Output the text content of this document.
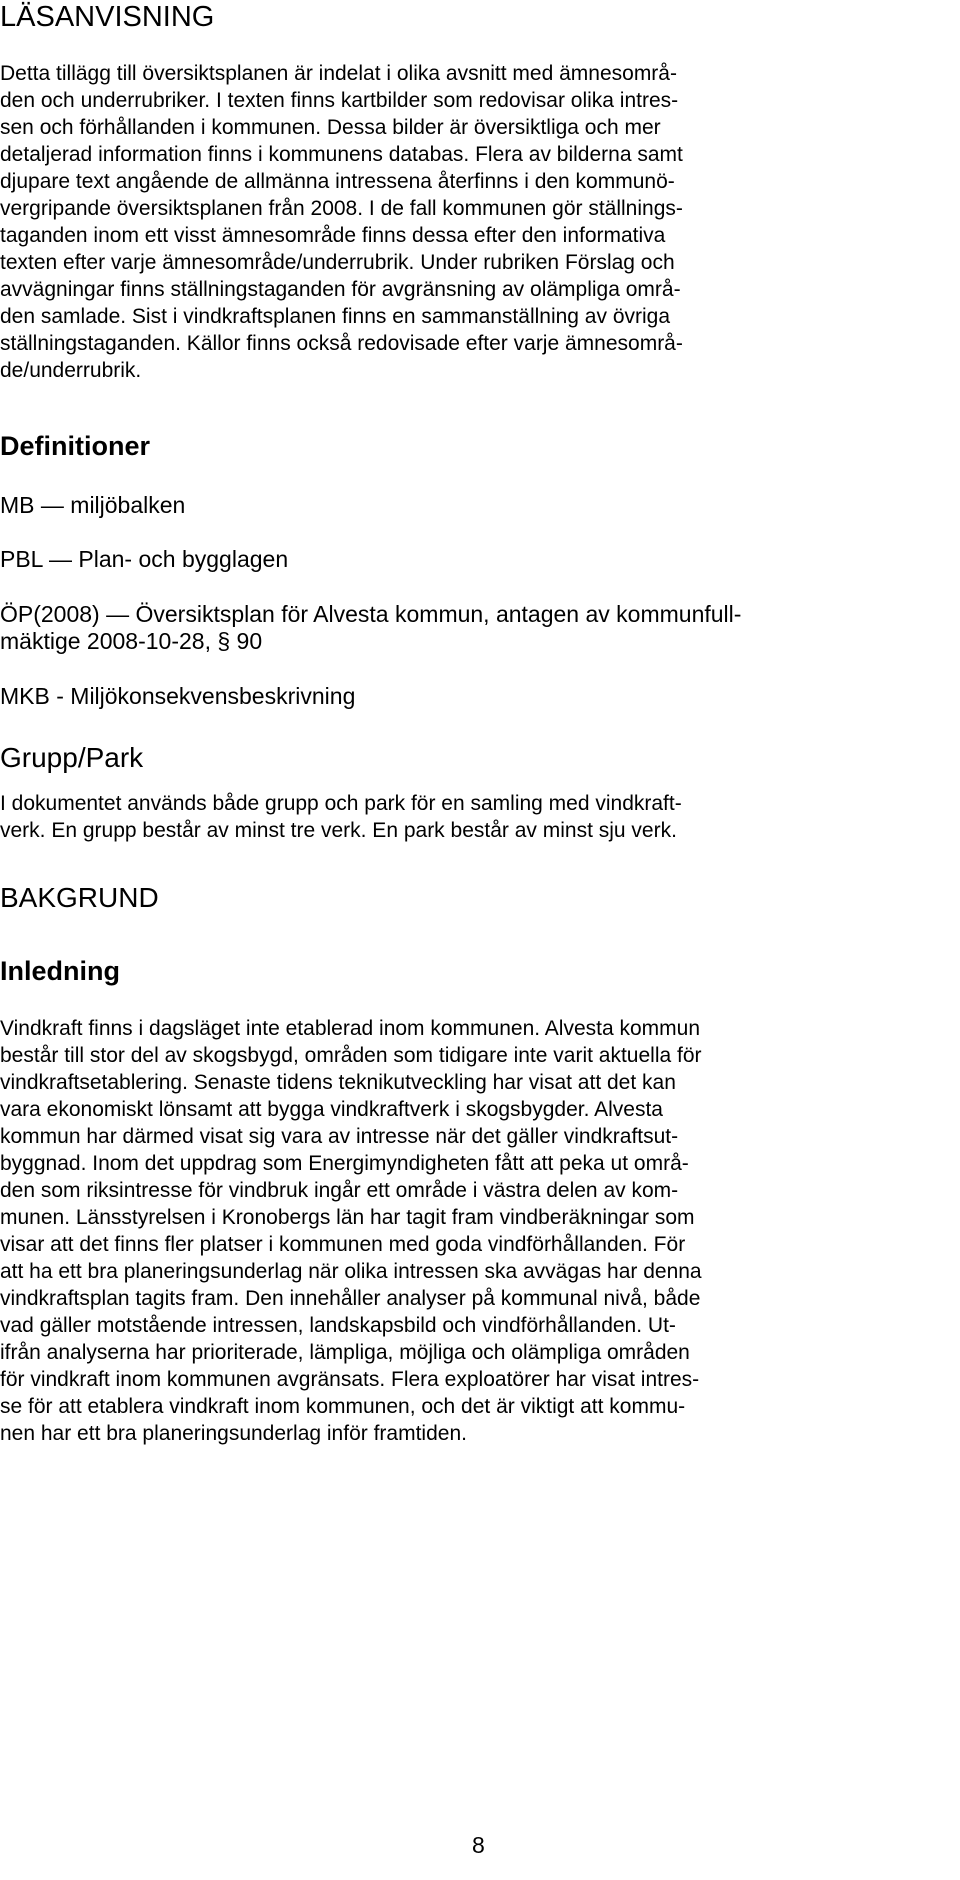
LÄSANVISNING
Detta tillägg till översiktsplanen är indelat i olika avsnitt med ämnesområ-
den och underrubriker. I texten finns kartbilder som redovisar olika intres-
sen och förhållanden i kommunen. Dessa bilder är översiktliga och mer
detaljerad information finns i kommunens databas. Flera av bilderna samt
djupare text angående de allmänna intressena återfinns i den kommunö-
vergripande översiktsplanen från 2008. I de fall kommunen gör ställnings-
taganden inom ett visst ämnesområde finns dessa efter den informativa
texten efter varje ämnesområde/underrubrik. Under rubriken Förslag och
avvägningar finns ställningstaganden för avgränsning av olämpliga områ-
den samlade. Sist i vindkraftsplanen finns en sammanställning av övriga
ställningstaganden. Källor finns också redovisade efter varje ämnesområ-
de/underrubrik.
Definitioner
MB — miljöbalken
PBL — Plan- och bygglagen
ÖP(2008) — Översiktsplan för Alvesta kommun, antagen av kommunfull-
mäktige 2008-10-28, § 90
MKB - Miljökonsekvensbeskrivning
Grupp/Park
I dokumentet används både grupp och park för en samling med vindkraft-
verk. En grupp består av minst tre verk. En park består av minst sju verk.
BAKGRUND
Inledning
Vindkraft finns i dagsläget inte etablerad inom kommunen. Alvesta kommun
består till stor del av skogsbygd, områden som tidigare inte varit aktuella för
vindkraftsetablering. Senaste tidens teknikutveckling har visat att det kan
vara ekonomiskt lönsamt att bygga vindkraftverk i skogsbygder. Alvesta
kommun har därmed visat sig vara av intresse när det gäller vindkraftsut-
byggnad. Inom det uppdrag som Energimyndigheten fått att peka ut områ-
den som riksintresse för vindbruk ingår ett område i västra delen av kom-
munen. Länsstyrelsen i Kronobergs län har tagit fram vindberäkningar som
visar att det finns fler platser i kommunen med goda vindförhållanden. För
att ha ett bra planeringsunderlag när olika intressen ska avvägas har denna
vindkraftsplan tagits fram. Den innehåller analyser på kommunal nivå, både
vad gäller motstående intressen, landskapsbild och vindförhållanden. Ut-
ifrån analyserna har prioriterade, lämpliga, möjliga och olämpliga områden
för vindkraft inom kommunen avgränsats. Flera exploatörer har visat intres-
se för att etablera vindkraft inom kommunen, och det är viktigt att kommu-
nen har ett bra planeringsunderlag inför framtiden.
8
